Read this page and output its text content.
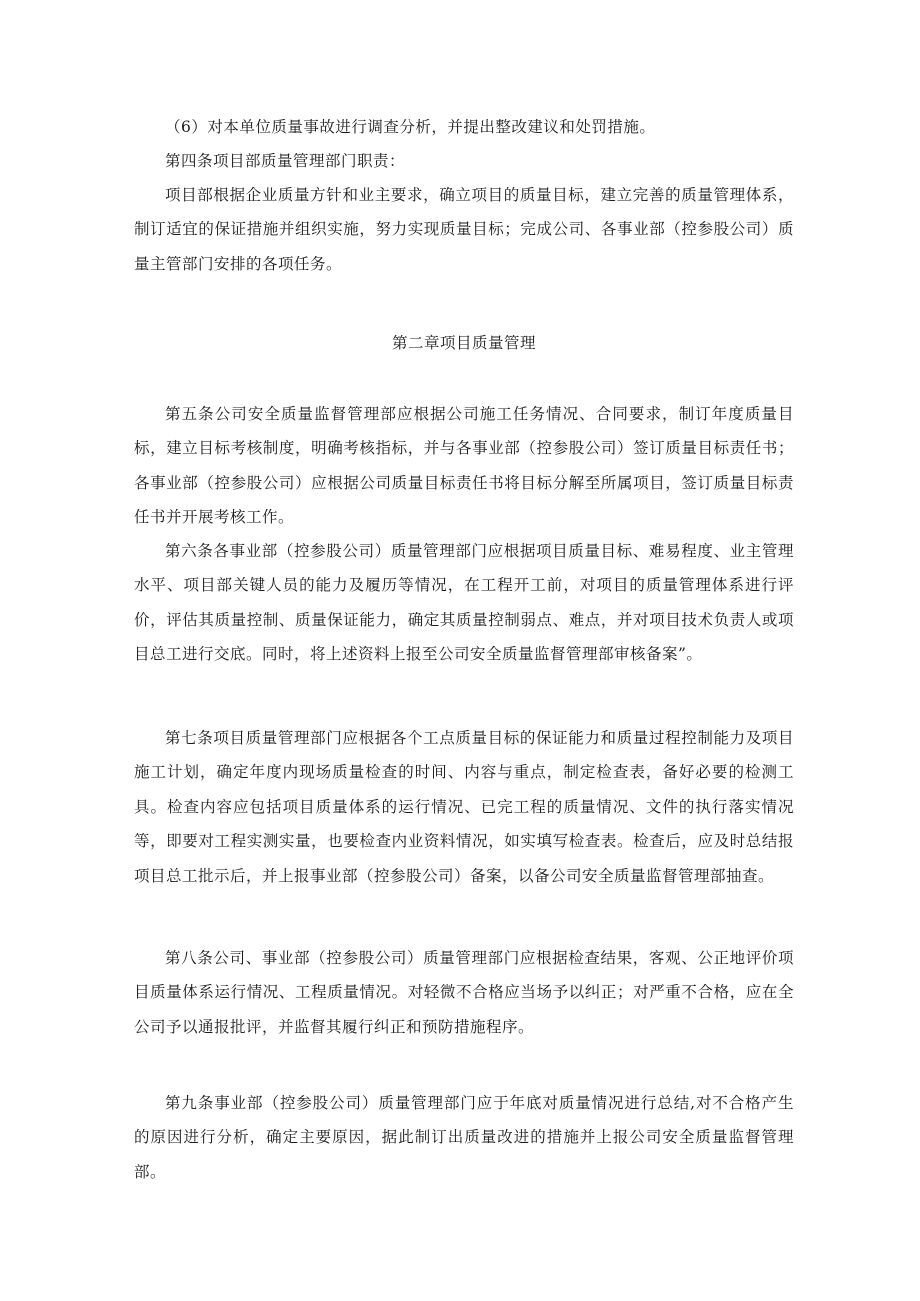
（6）对本单位质量事故进行调查分析，并提出整改建议和处罚措施。

第四条项目部质量管理部门职责：

项目部根据企业质量方针和业主要求，确立项目的质量目标，建立完善的质量管理体系，制订适宜的保证措施并组织实施，努力实现质量目标；完成公司、各事业部（控参股公司）质量主管部门安排的各项任务。

第二章项目质量管理

第五条公司安全质量监督管理部应根据公司施工任务情况、合同要求，制订年度质量目标，建立目标考核制度，明确考核指标，并与各事业部（控参股公司）签订质量目标责任书；各事业部（控参股公司）应根据公司质量目标责任书将目标分解至所属项目，签订质量目标责任书并开展考核工作。

第六条各事业部（控参股公司）质量管理部门应根据项目质量目标、难易程度、业主管理水平、项目部关键人员的能力及履历等情况，在工程开工前，对项目的质量管理体系进行评价，评估其质量控制、质量保证能力，确定其质量控制弱点、难点，并对项目技术负责人或项目总工进行交底。同时，将上述资料上报至公司安全质量监督管理部审核备案”。

第七条项目质量管理部门应根据各个工点质量目标的保证能力和质量过程控制能力及项目施工计划，确定年度内现场质量检查的时间、内容与重点，制定检查表，备好必要的检测工具。检查内容应包括项目质量体系的运行情况、已完工程的质量情况、文件的执行落实情况等，即要对工程实测实量，也要检查内业资料情况，如实填写检查表。检查后，应及时总结报项目总工批示后，并上报事业部（控参股公司）备案，以备公司安全质量监督管理部抽查。

第八条公司、事业部（控参股公司）质量管理部门应根据检查结果，客观、公正地评价项目质量体系运行情况、工程质量情况。对轻微不合格应当场予以纠正；对严重不合格，应在全公司予以通报批评，并监督其履行纠正和预防措施程序。

第九条事业部（控参股公司）质量管理部门应于年底对质量情况进行总结,对不合格产生的原因进行分析，确定主要原因，据此制订出质量改进的措施并上报公司安全质量监督管理部。
